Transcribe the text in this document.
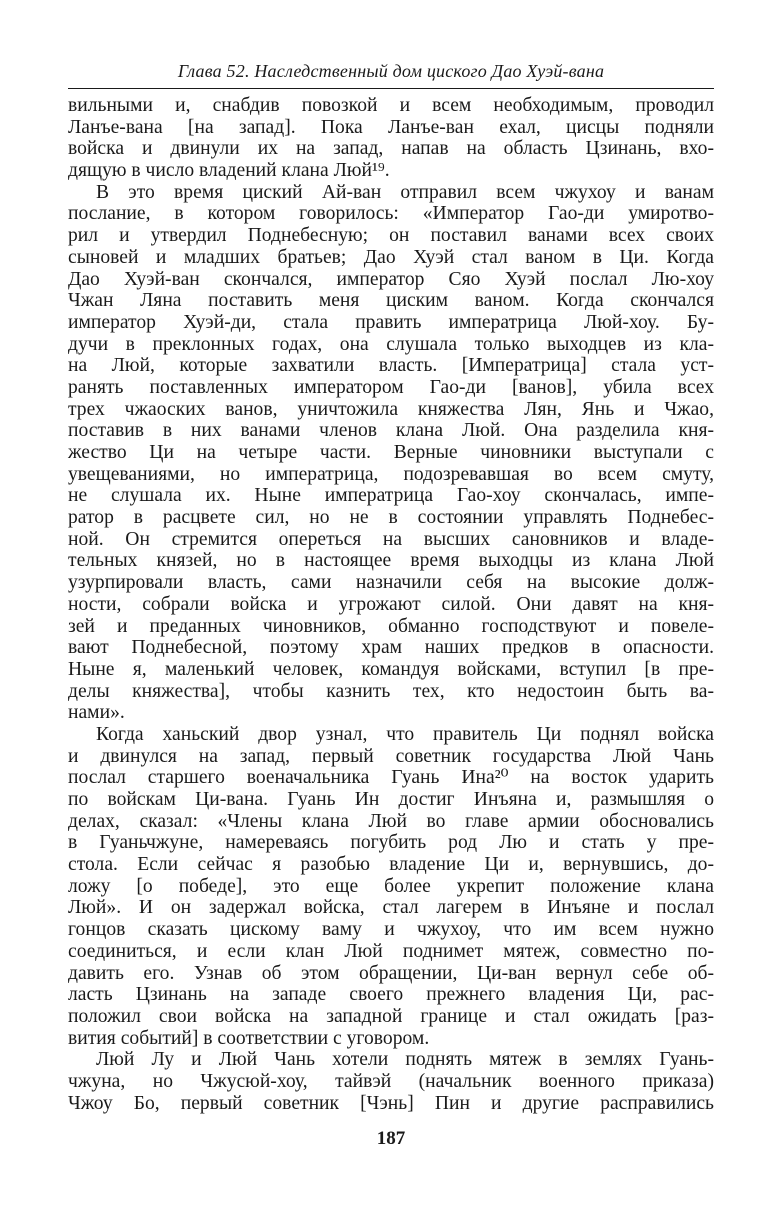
Глава 52. Наследственный дом циского Дао Хуэй-вана
вильными и, снабдив повозкой и всем необходимым, проводил
Ланъе-вана [на запад]. Пока Ланъе-ван ехал, цисцы подняли
войска и двинули их на запад, напав на область Цзинань, вхо-
дящую в число владений клана Люй¹⁹.
В это время циский Ай-ван отправил всем чжухоу и ванам
послание, в котором говорилось: «Император Гао-ди умиротво-
рил и утвердил Поднебесную; он поставил ванами всех своих
сыновей и младших братьев; Дао Хуэй стал ваном в Ци. Когда
Дао Хуэй-ван скончался, император Сяо Хуэй послал Лю-хоу
Чжан Ляна поставить меня циским ваном. Когда скончался
император Хуэй-ди, стала править императрица Люй-хоу. Бу-
дучи в преклонных годах, она слушала только выходцев из кла-
на Люй, которые захватили власть. [Императрица] стала уст-
ранять поставленных императором Гао-ди [ванов], убила всех
трех чжаоских ванов, уничтожила княжества Лян, Янь и Чжао,
поставив в них ванами членов клана Люй. Она разделила кня-
жество Ци на четыре части. Верные чиновники выступали с
увещеваниями, но императрица, подозревавшая во всем смуту,
не слушала их. Ныне императрица Гао-хоу скончалась, импе-
ратор в расцвете сил, но не в состоянии управлять Поднебес-
ной. Он стремится опереться на высших сановников и владе-
тельных князей, но в настоящее время выходцы из клана Люй
узурпировали власть, сами назначили себя на высокие долж-
ности, собрали войска и угрожают силой. Они давят на кня-
зей и преданных чиновников, обманно господствуют и повеле-
вают Поднебесной, поэтому храм наших предков в опасности.
Ныне я, маленький человек, командуя войсками, вступил [в пре-
делы княжества], чтобы казнить тех, кто недостоин быть ва-
нами».
Когда ханьский двор узнал, что правитель Ци поднял войска
и двинулся на запад, первый советник государства Люй Чань
послал старшего военачальника Гуань Ина²⁰ на восток ударить
по войскам Ци-вана. Гуань Ин достиг Инъяна и, размышляя о
делах, сказал: «Члены клана Люй во главе армии обосновались
в Гуаньчжуне, намереваясь погубить род Лю и стать у пре-
стола. Если сейчас я разобью владение Ци и, вернувшись, до-
ложу [о победе], это еще более укрепит положение клана
Люй». И он задержал войска, стал лагерем в Инъяне и послал
гонцов сказать цискому ваму и чжухоу, что им всем нужно
соединиться, и если клан Люй поднимет мятеж, совместно по-
давить его. Узнав об этом обращении, Ци-ван вернул себе об-
ласть Цзинань на западе своего прежнего владения Ци, рас-
положил свои войска на западной границе и стал ожидать [раз-
вития событий] в соответствии с уговором.
Люй Лу и Люй Чань хотели поднять мятеж в землях Гуань-
чжуна, но Чжусюй-хоу, тайвэй (начальник военного приказа)
Чжоу Бо, первый советник [Чэнь] Пин и другие расправились
187
